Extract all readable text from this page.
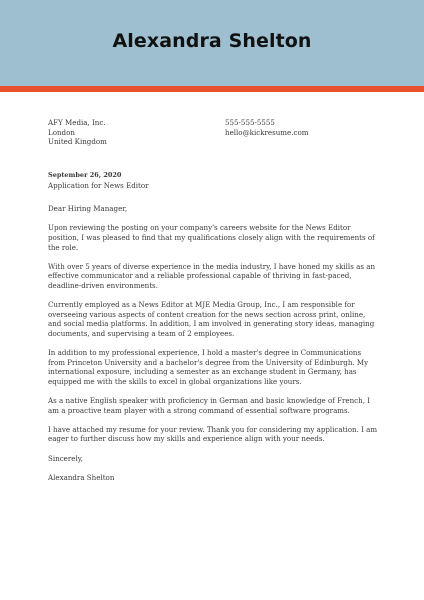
Alexandra Shelton
AFY Media, Inc.
London
United Kingdom
555-555-5555
hello@kickresume.com
September 26, 2020
Application for News Editor
Dear Hiring Manager,
Upon reviewing the posting on your company's careers website for the News Editor position, I was pleased to find that my qualifications closely align with the requirements of the role.
With over 5 years of diverse experience in the media industry, I have honed my skills as an effective communicator and a reliable professional capable of thriving in fast-paced, deadline-driven environments.
Currently employed as a News Editor at MJE Media Group, Inc., I am responsible for overseeing various aspects of content creation for the news section across print, online, and social media platforms. In addition, I am involved in generating story ideas, managing documents, and supervising a team of 2 employees.
In addition to my professional experience, I hold a master's degree in Communications from Princeton University and a bachelor's degree from the University of Edinburgh. My international exposure, including a semester as an exchange student in Germany, has equipped me with the skills to excel in global organizations like yours.
As a native English speaker with proficiency in German and basic knowledge of French, I am a proactive team player with a strong command of essential software programs.
I have attached my resume for your review. Thank you for considering my application. I am eager to further discuss how my skills and experience align with your needs.
Sincerely,
Alexandra Shelton
